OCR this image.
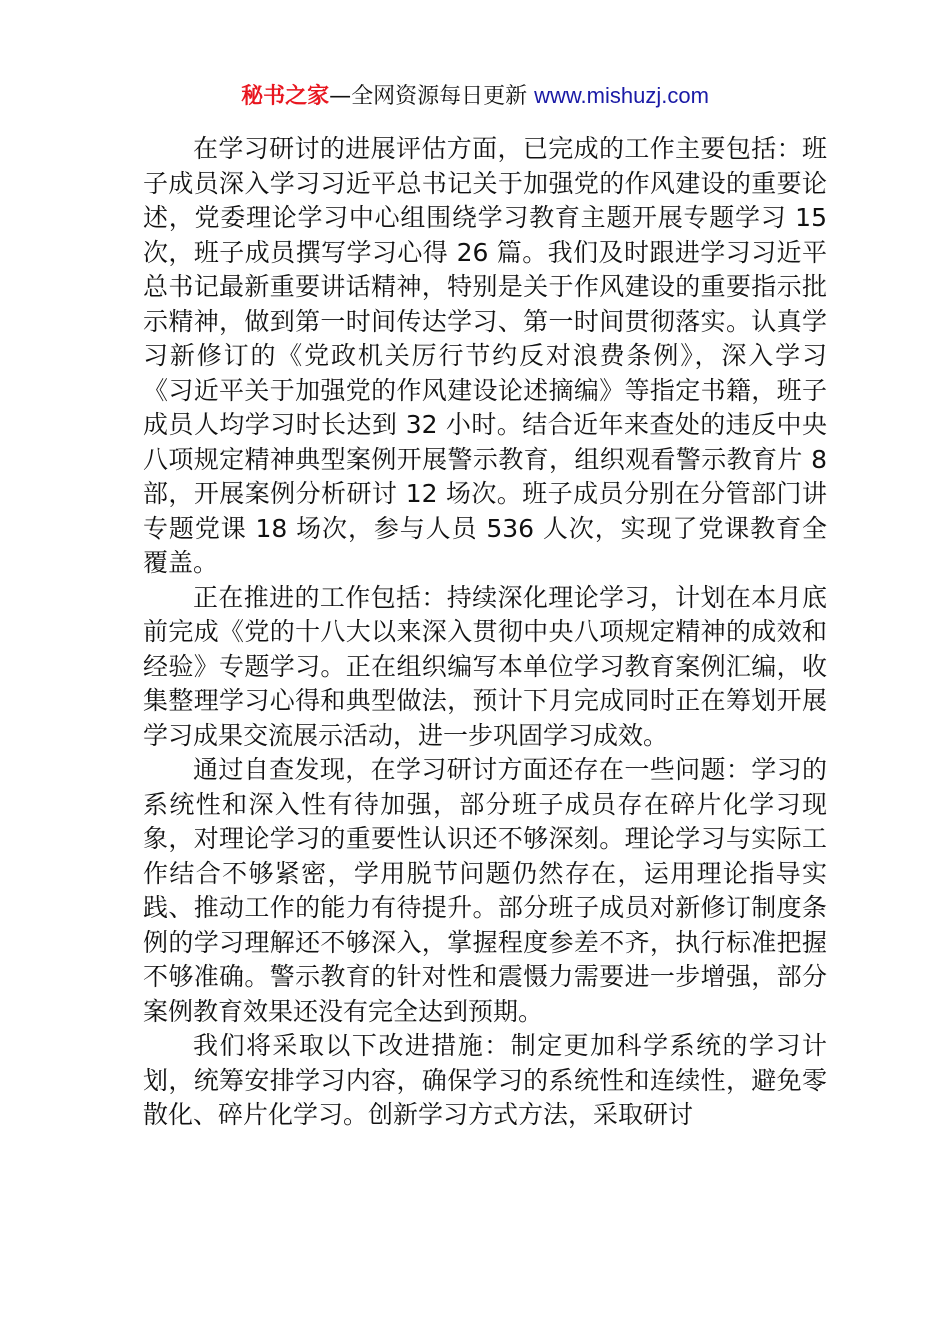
秘书之家—全网资源每日更新 www.mishuzj.com

在学习研讨的进展评估方面，已完成的工作主要包括：班子成员深入学习习近平总书记关于加强党的作风建设的重要论述，党委理论学习中心组围绕学习教育主题开展专题学习 15 次，班子成员撰写学习心得 26 篇。我们及时跟进学习习近平总书记最新重要讲话精神，特别是关于作风建设的重要指示批示精神，做到第一时间传达学习、第一时间贯彻落实。认真学习新修订的《党政机关厉行节约反对浪费条例》，深入学习《习近平关于加强党的作风建设论述摘编》等指定书籍，班子成员人均学习时长达到 32 小时。结合近年来查处的违反中央八项规定精神典型案例开展警示教育，组织观看警示教育片 8 部，开展案例分析研讨 12 场次。班子成员分别在分管部门讲专题党课 18 场次，参与人员 536 人次，实现了党课教育全覆盖。

正在推进的工作包括：持续深化理论学习，计划在本月底前完成《党的十八大以来深入贯彻中央八项规定精神的成效和经验》专题学习。正在组织编写本单位学习教育案例汇编，收集整理学习心得和典型做法，预计下月完成同时正在筹划开展学习成果交流展示活动，进一步巩固学习成效。

通过自查发现，在学习研讨方面还存在一些问题：学习的系统性和深入性有待加强，部分班子成员存在碎片化学习现象，对理论学习的重要性认识还不够深刻。理论学习与实际工作结合不够紧密，学用脱节问题仍然存在，运用理论指导实践、推动工作的能力有待提升。部分班子成员对新修订制度条例的学习理解还不够深入，掌握程度参差不齐，执行标准把握不够准确。警示教育的针对性和震慑力需要进一步增强，部分案例教育效果还没有完全达到预期。

我们将采取以下改进措施：制定更加科学系统的学习计划，统筹安排学习内容，确保学习的系统性和连续性，避免零散化、碎片化学习。创新学习方式方法，采取研讨
